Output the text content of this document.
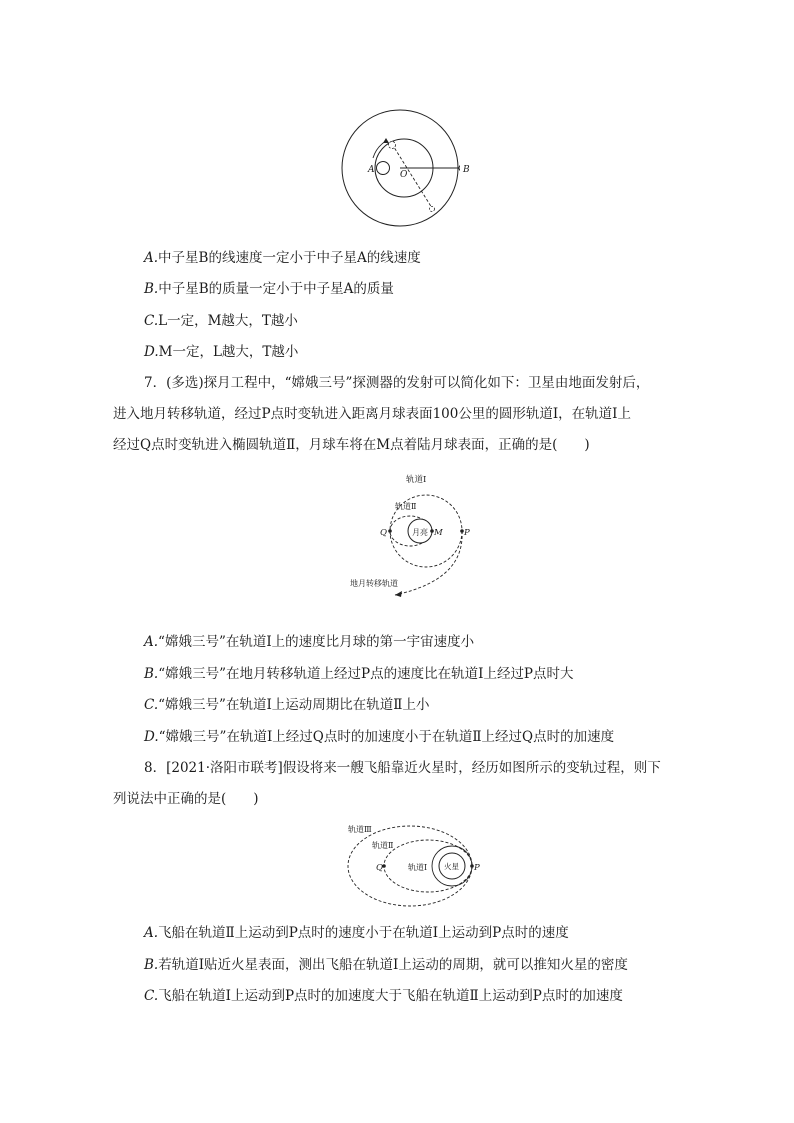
A	O	B
A.中子星B的线速度一定小于中子星A的线速度
B.中子星B的质量一定小于中子星A的质量
C.L一定，M越大，T越小
D.M一定，L越大，T越小
7．(多选)探月工程中，“嫦娥三号”探测器的发射可以简化如下：卫星由地面发射后，
进入地月转移轨道，经过P点时变轨进入距离月球表面100公里的圆形轨道Ⅰ，在轨道Ⅰ上
经过Q点时变轨进入椭圆轨道Ⅱ，月球车将在M点着陆月球表面，正确的是(　　)
轨道Ⅰ
轨道Ⅱ
Q	月亮 M	P
地月转移轨道
A.“嫦娥三号”在轨道Ⅰ上的速度比月球的第一宇宙速度小
B.“嫦娥三号”在地月转移轨道上经过P点的速度比在轨道Ⅰ上经过P点时大
C.“嫦娥三号”在轨道Ⅰ上运动周期比在轨道Ⅱ上小
D.“嫦娥三号”在轨道Ⅰ上经过Q点时的加速度小于在轨道Ⅱ上经过Q点时的加速度
8．[2021·洛阳市联考]假设将来一艘飞船靠近火星时，经历如图所示的变轨过程，则下
列说法中正确的是(　　)
轨道Ⅲ
轨道Ⅱ
轨道Ⅰ
Q	火星 P
A.飞船在轨道Ⅱ上运动到P点时的速度小于在轨道Ⅰ上运动到P点时的速度
B.若轨道Ⅰ贴近火星表面，测出飞船在轨道Ⅰ上运动的周期，就可以推知火星的密度
C.飞船在轨道Ⅰ上运动到P点时的加速度大于飞船在轨道Ⅱ上运动到P点时的加速度
